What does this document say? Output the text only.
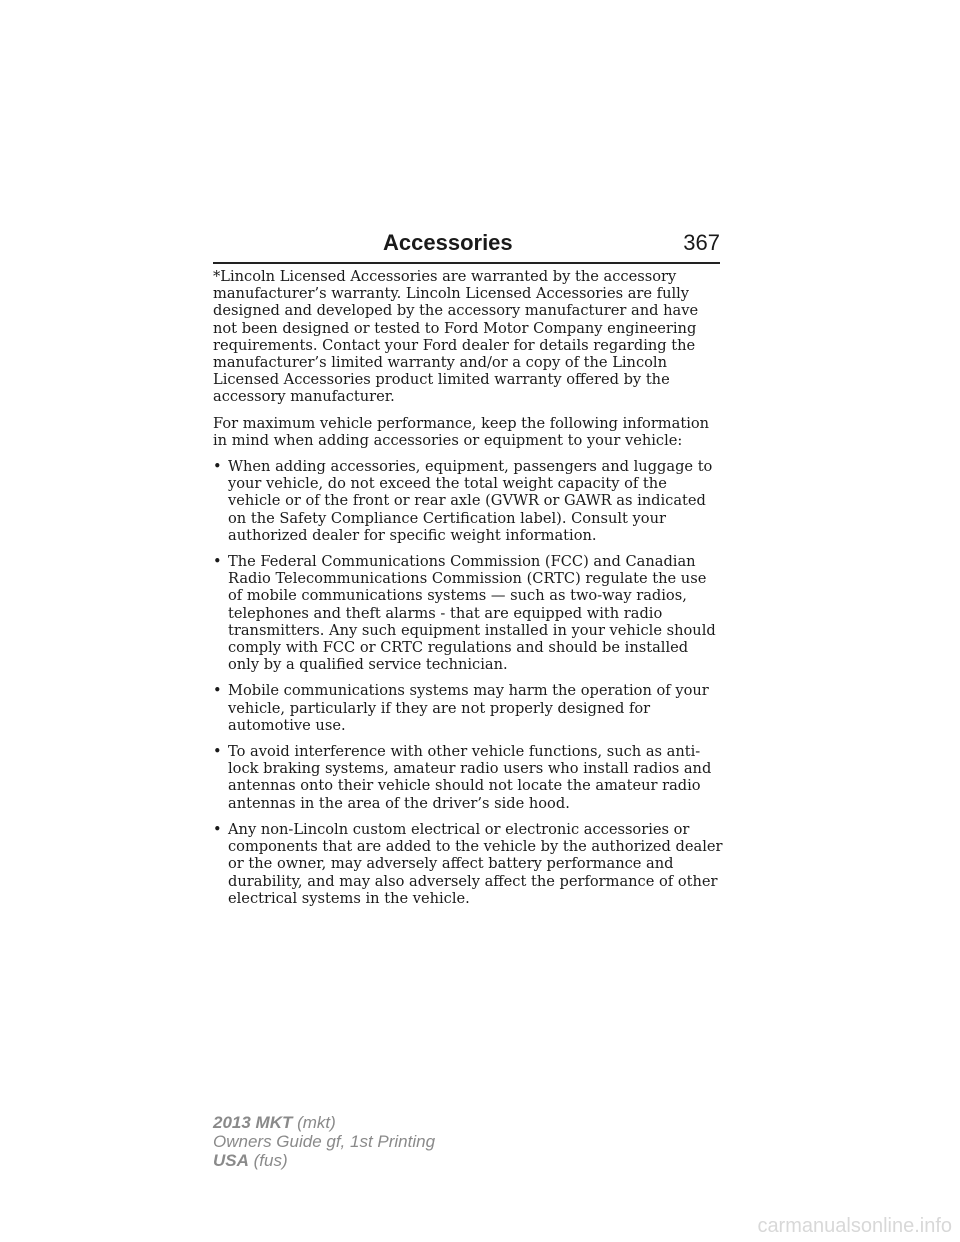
Accessories	367

*Lincoln Licensed Accessories are warranted by the accessory manufacturer’s warranty. Lincoln Licensed Accessories are fully designed and developed by the accessory manufacturer and have not been designed or tested to Ford Motor Company engineering requirements. Contact your Ford dealer for details regarding the manufacturer’s limited warranty and/or a copy of the Lincoln Licensed Accessories product limited warranty offered by the accessory manufacturer.

For maximum vehicle performance, keep the following information in mind when adding accessories or equipment to your vehicle:

• When adding accessories, equipment, passengers and luggage to your vehicle, do not exceed the total weight capacity of the vehicle or of the front or rear axle (GVWR or GAWR as indicated on the Safety Compliance Certification label). Consult your authorized dealer for specific weight information.
• The Federal Communications Commission (FCC) and Canadian Radio Telecommunications Commission (CRTC) regulate the use of mobile communications systems — such as two-way radios, telephones and theft alarms - that are equipped with radio transmitters. Any such equipment installed in your vehicle should comply with FCC or CRTC regulations and should be installed only by a qualified service technician.
• Mobile communications systems may harm the operation of your vehicle, particularly if they are not properly designed for automotive use.
• To avoid interference with other vehicle functions, such as anti-lock braking systems, amateur radio users who install radios and antennas onto their vehicle should not locate the amateur radio antennas in the area of the driver’s side hood.
• Any non-Lincoln custom electrical or electronic accessories or components that are added to the vehicle by the authorized dealer or the owner, may adversely affect battery performance and durability, and may also adversely affect the performance of other electrical systems in the vehicle.
2013 MKT (mkt)
Owners Guide gf, 1st Printing
USA (fus)
carmanualsonline.info
